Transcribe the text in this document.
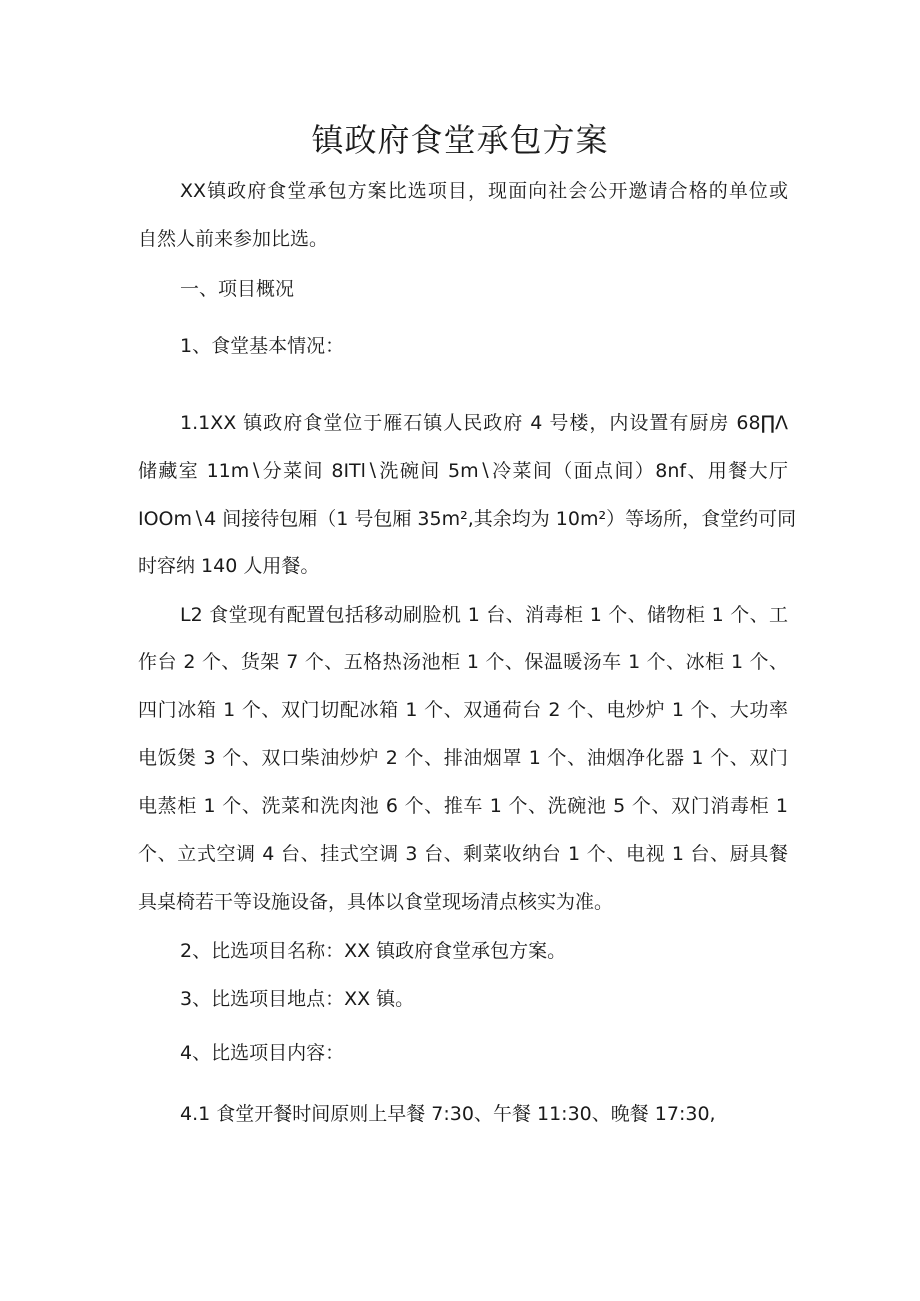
镇政府食堂承包方案

XX镇政府食堂承包方案比选项目，现面向社会公开邀请合格的单位或

自然人前来参加比选。

一、项目概况

1、食堂基本情况：

1.1XX 镇政府食堂位于雁石镇人民政府 4 号楼，内设置有厨房 68∏Λ

储藏室 11m∖分菜间 8ITl∖洗碗间 5m∖冷菜间（面点间）8nf、用餐大厅

IOOm∖4 间接待包厢（1 号包厢 35m²,其余均为 10m²）等场所，食堂约可同

时容纳 140 人用餐。

L2 食堂现有配置包括移动刷脸机 1 台、消毒柜 1 个、储物柜 1 个、工

作台 2 个、货架 7 个、五格热汤池柜 1 个、保温暖汤车 1 个、冰柜 1 个、

四门冰箱 1 个、双门切配冰箱 1 个、双通荷台 2 个、电炒炉 1 个、大功率

电饭煲 3 个、双口柴油炒炉 2 个、排油烟罩 1 个、油烟净化器 1 个、双门

电蒸柜 1 个、洗菜和洗肉池 6 个、推车 1 个、洗碗池 5 个、双门消毒柜 1

个、立式空调 4 台、挂式空调 3 台、剩菜收纳台 1 个、电视 1 台、厨具餐

具桌椅若干等设施设备，具体以食堂现场清点核实为准。

2、比选项目名称：XX 镇政府食堂承包方案。

3、比选项目地点：XX 镇。

4、比选项目内容：

4.1 食堂开餐时间原则上早餐 7:30、午餐 11:30、晚餐 17:30,
